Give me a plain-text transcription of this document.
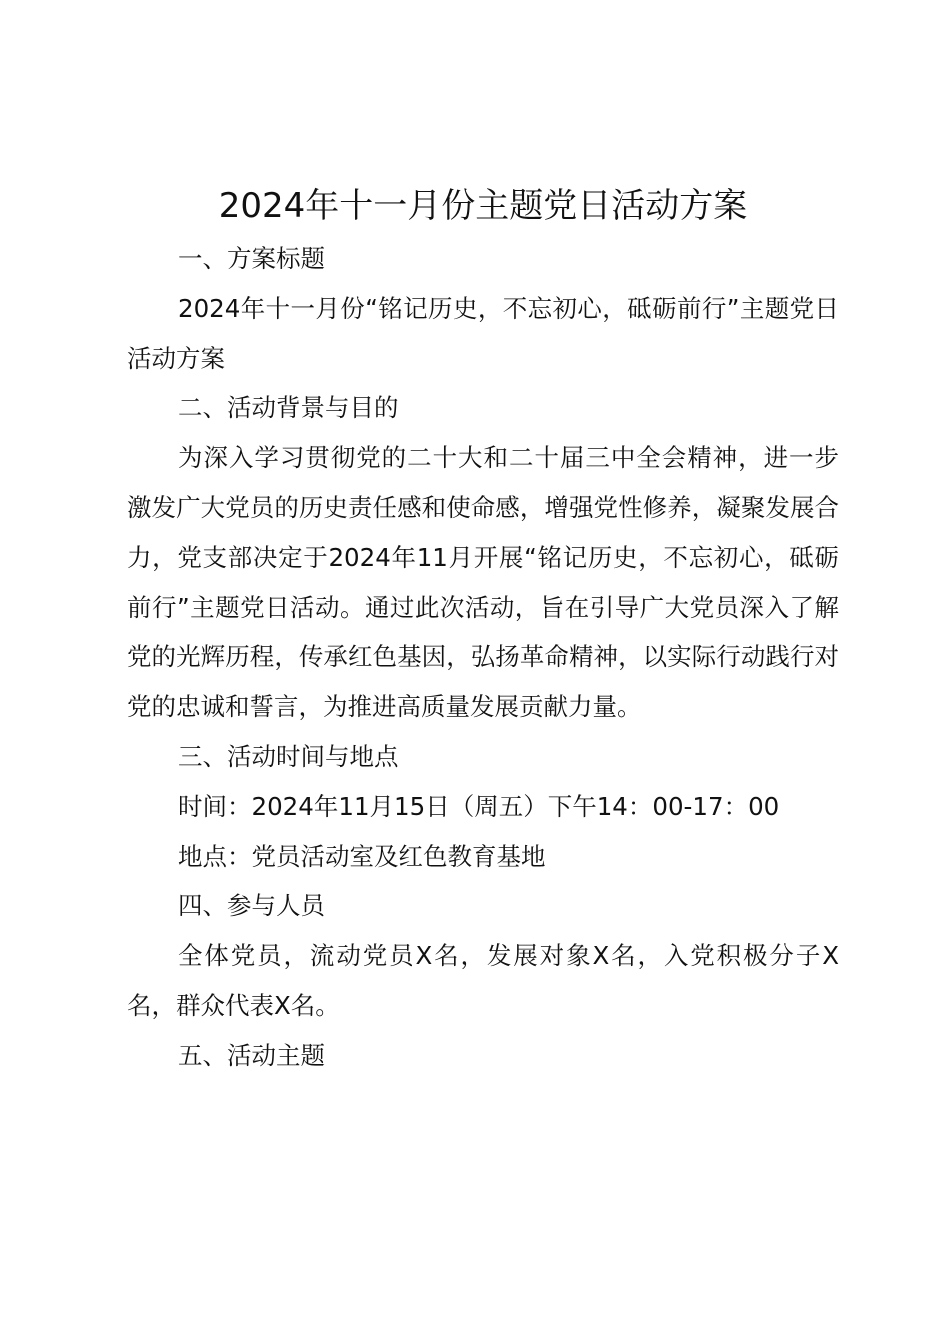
2024年十一月份主题党日活动方案

一、方案标题

2024年十一月份“铭记历史，不忘初心，砥砺前行”主题党日活动方案

二、活动背景与目的

为深入学习贯彻党的二十大和二十届三中全会精神，进一步激发广大党员的历史责任感和使命感，增强党性修养，凝聚发展合力，党支部决定于2024年11月开展“铭记历史，不忘初心，砥砺前行”主题党日活动。通过此次活动，旨在引导广大党员深入了解党的光辉历程，传承红色基因，弘扬革命精神，以实际行动践行对党的忠诚和誓言，为推进高质量发展贡献力量。

三、活动时间与地点

时间：2024年11月15日（周五）下午14：00-17：00

地点：党员活动室及红色教育基地

四、参与人员

全体党员，流动党员X名，发展对象X名，入党积极分子X名，群众代表X名。

五、活动主题
